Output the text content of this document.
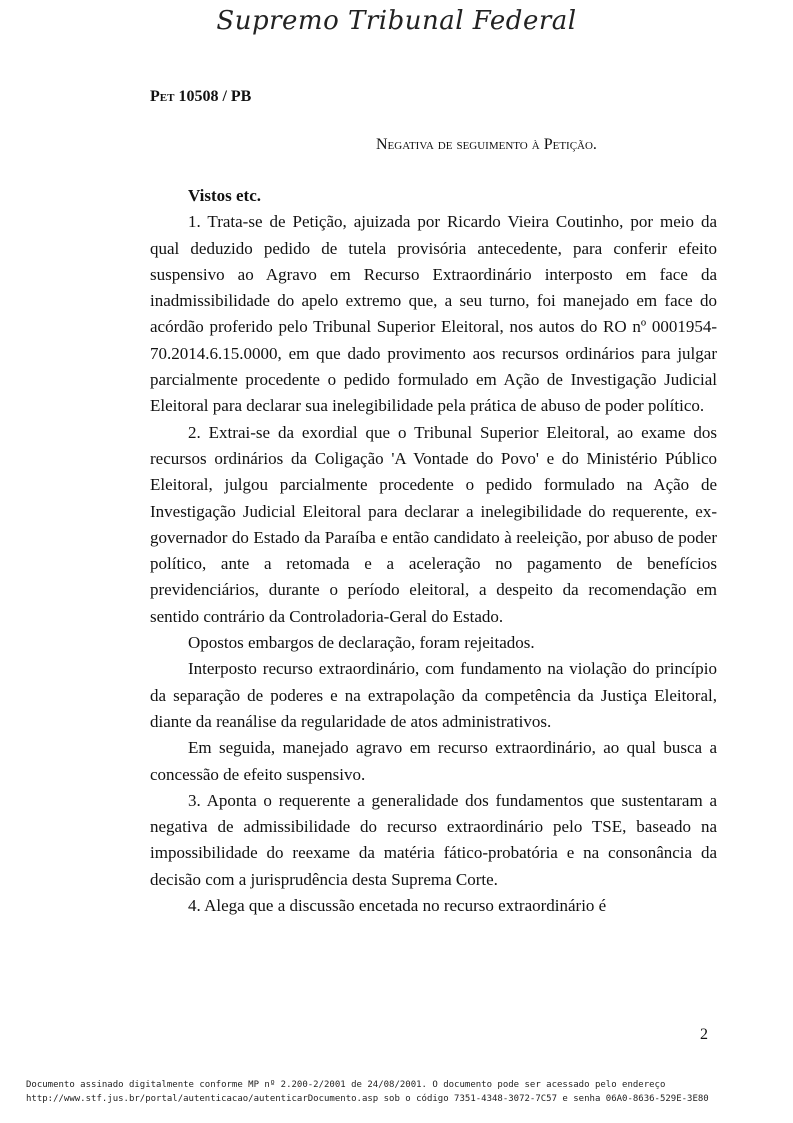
Supremo Tribunal Federal
Pet 10508 / PB
Negativa de seguimento à Petição.

Vistos etc.

1. Trata-se de Petição, ajuizada por Ricardo Vieira Coutinho, por meio da qual deduzido pedido de tutela provisória antecedente, para conferir efeito suspensivo ao Agravo em Recurso Extraordinário interposto em face da inadmissibilidade do apelo extremo que, a seu turno, foi manejado em face do acórdão proferido pelo Tribunal Superior Eleitoral, nos autos do RO nº 0001954-70.2014.6.15.0000, em que dado provimento aos recursos ordinários para julgar parcialmente procedente o pedido formulado em Ação de Investigação Judicial Eleitoral para declarar sua inelegibilidade pela prática de abuso de poder político.

2. Extrai-se da exordial que o Tribunal Superior Eleitoral, ao exame dos recursos ordinários da Coligação 'A Vontade do Povo' e do Ministério Público Eleitoral, julgou parcialmente procedente o pedido formulado na Ação de Investigação Judicial Eleitoral para declarar a inelegibilidade do requerente, ex-governador do Estado da Paraíba e então candidato à reeleição, por abuso de poder político, ante a retomada e a aceleração no pagamento de benefícios previdenciários, durante o período eleitoral, a despeito da recomendação em sentido contrário da Controladoria-Geral do Estado.

Opostos embargos de declaração, foram rejeitados.

Interposto recurso extraordinário, com fundamento na violação do princípio da separação de poderes e na extrapolação da competência da Justiça Eleitoral, diante da reanálise da regularidade de atos administrativos.

Em seguida, manejado agravo em recurso extraordinário, ao qual busca a concessão de efeito suspensivo.

3. Aponta o requerente a generalidade dos fundamentos que sustentaram a negativa de admissibilidade do recurso extraordinário pelo TSE, baseado na impossibilidade do reexame da matéria fático-probatória e na consonância da decisão com a jurisprudência desta Suprema Corte.

4. Alega que a discussão encetada no recurso extraordinário é

2
Documento assinado digitalmente conforme MP nº 2.200-2/2001 de 24/08/2001. O documento pode ser acessado pelo endereço
http://www.stf.jus.br/portal/autenticacao/autenticarDocumento.asp sob o código 7351-4348-3072-7C57 e senha 06A0-8636-529E-3E80
